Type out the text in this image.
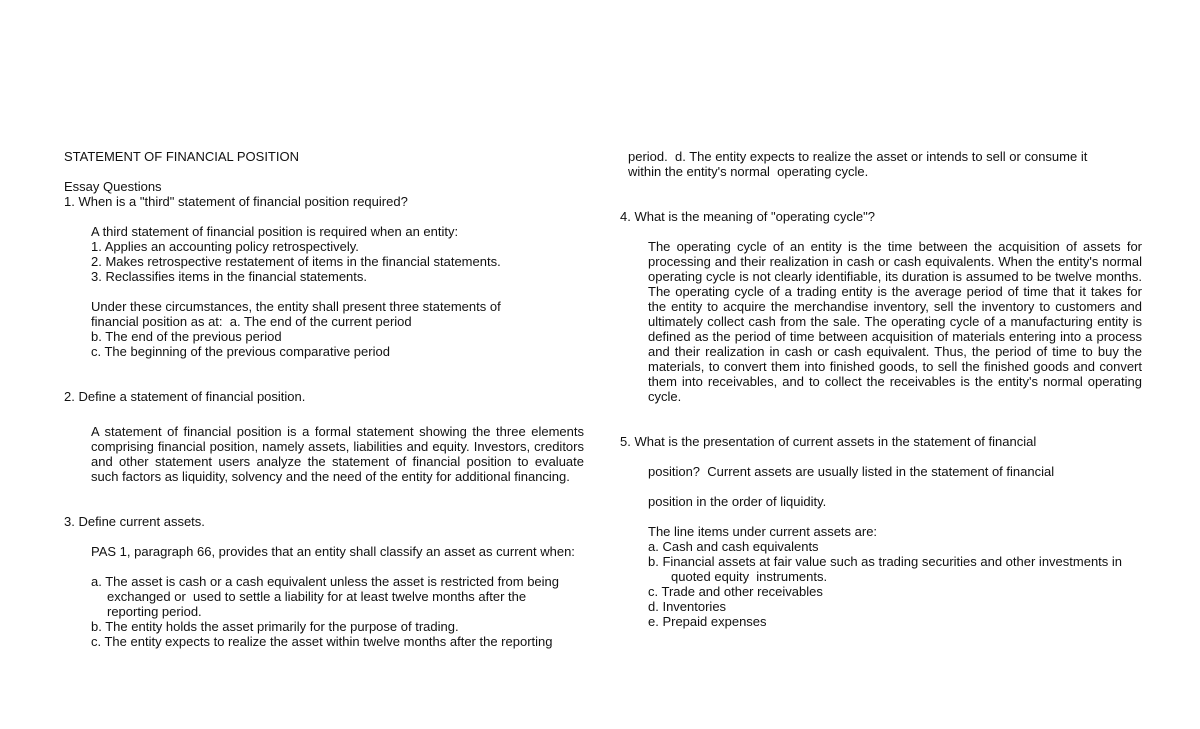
STATEMENT OF FINANCIAL POSITION
Essay Questions
1. When is a "third" statement of financial position required?
A third statement of financial position is required when an entity:
1. Applies an accounting policy retrospectively.
2. Makes retrospective restatement of items in the financial statements.
3. Reclassifies items in the financial statements.
Under these circumstances, the entity shall present three statements of
financial position as at:  a. The end of the current period
b. The end of the previous period
c. The beginning of the previous comparative period
2. Define a statement of financial position.
A statement of financial position is a formal statement showing the three elements comprising financial position, namely assets, liabilities and equity. Investors, creditors and other statement users analyze the statement of financial position to evaluate such factors as liquidity, solvency and the need of the entity for additional financing.
3. Define current assets.
PAS 1, paragraph 66, provides that an entity shall classify an asset as current when:
a. The asset is cash or a cash equivalent unless the asset is restricted from being
exchanged or  used to settle a liability for at least twelve months after the
reporting period.
b. The entity holds the asset primarily for the purpose of trading.
c. The entity expects to realize the asset within twelve months after the reporting
period.  d. The entity expects to realize the asset or intends to sell or consume it
within the entity's normal  operating cycle.
4. What is the meaning of "operating cycle"?
The operating cycle of an entity is the time between the acquisition of assets for processing and their realization in cash or cash equivalents. When the entity's normal operating cycle is not clearly identifiable, its duration is assumed to be twelve months. The operating cycle of a trading entity is the average period of time that it takes for the entity to acquire the merchandise inventory, sell the inventory to customers and ultimately collect cash from the sale. The operating cycle of a manufacturing entity is defined as the period of time between acquisition of materials entering into a process and their realization in cash or cash equivalent. Thus, the period of time to buy the materials, to convert them into finished goods, to sell the finished goods and convert them into receivables, and to collect the receivables is the entity's normal operating cycle.
5. What is the presentation of current assets in the statement of financial
position?  Current assets are usually listed in the statement of financial
position in the order of liquidity.
The line items under current assets are:
a. Cash and cash equivalents
b. Financial assets at fair value such as trading securities and other investments in
quoted equity  instruments.
c. Trade and other receivables
d. Inventories
e. Prepaid expenses
